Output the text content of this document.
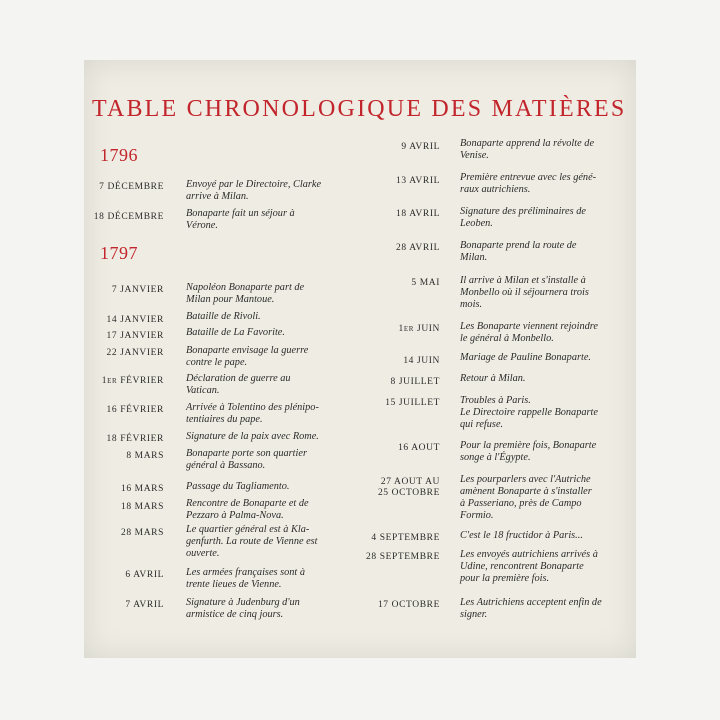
TABLE CHRONOLOGIQUE DES MATIÈRES
1796
1797
7 DÉCEMBRE Envoyé par le Directoire, Clarke
arrive à Milan.
18 DÉCEMBRE Bonaparte fait un séjour à
Vérone.
7 JANVIER Napoléon Bonaparte part de
Milan pour Mantoue.
14 JANVIER Bataille de Rivoli.
17 JANVIER Bataille de La Favorite.
22 JANVIER Bonaparte envisage la guerre
contre le pape.
1er FÉVRIER Déclaration de guerre au
Vatican.
16 FÉVRIER Arrivée à Tolentino des plénipo-
tentiaires du pape.
18 FÉVRIER Signature de la paix avec Rome.
8 MARS Bonaparte porte son quartier
général à Bassano.
16 MARS Passage du Tagliamento.
18 MARS Rencontre de Bonaparte et de
Pezzaro à Palma-Nova.
28 MARS Le quartier général est à Kla-
genfurth. La route de Vienne est
ouverte.
6 AVRIL Les armées françaises sont à
trente lieues de Vienne.
7 AVRIL Signature à Judenburg d'un
armistice de cinq jours.
9 AVRIL Bonaparte apprend la révolte de
Venise.
13 AVRIL Première entrevue avec les géné-
raux autrichiens.
18 AVRIL Signature des préliminaires de
Leoben.
28 AVRIL Bonaparte prend la route de
Milan.
5 MAI Il arrive à Milan et s'installe à
Monbello où il séjournera trois
mois.
1er JUIN Les Bonaparte viennent rejoindre
le général à Monbello.
14 JUIN Mariage de Pauline Bonaparte.
8 JUILLET Retour à Milan.
15 JUILLET Troubles à Paris.
Le Directoire rappelle Bonaparte
qui refuse.
16 AOUT Pour la première fois, Bonaparte
songe à l'Égypte.
27 AOUT AU
25 OCTOBRE
Les pourparlers avec l'Autriche
amènent Bonaparte à s'installer
à Passeriano, près de Campo
Formio.
4 SEPTEMBRE C'est le 18 fructidor à Paris...
28 SEPTEMBRE Les envoyés autrichiens arrivés à
Udine, rencontrent Bonaparte
pour la première fois.
17 OCTOBRE Les Autrichiens acceptent enfin de
signer.
